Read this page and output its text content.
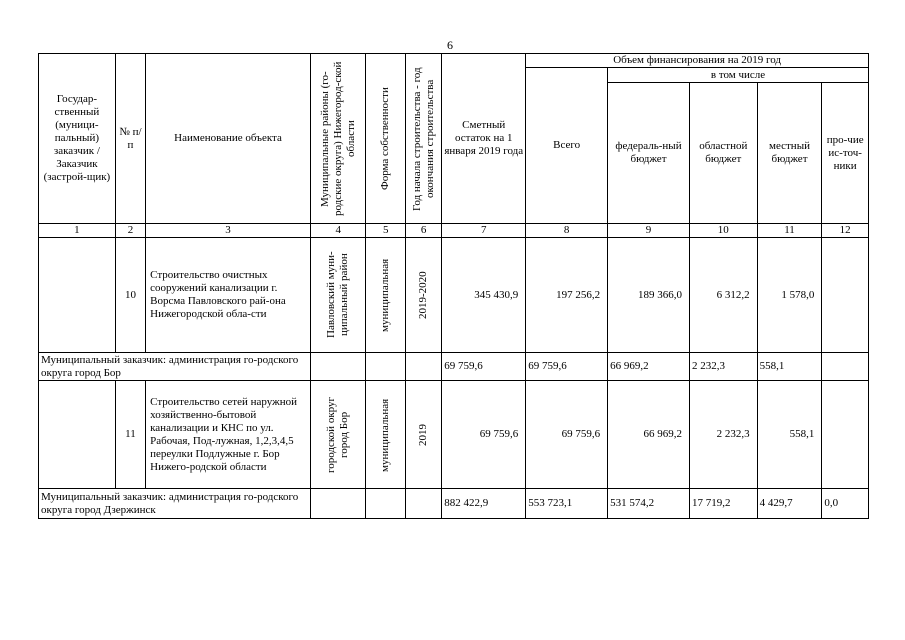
6
Государ-ственный (муници-пальный) заказчик / Заказчик (застрой-щик)	№ п/п	Наименование объекта	Муниципальные районы (го-родские округа) Нижегород-ской области	Форма собственности	Год начала строительства - год окончания строительства	Сметный остаток на 1 января 2019 года	Объем финансирования на 2019 год				
							Всего	в том числе			
								федераль-ный бюджет	областной бюджет	местный бюджет	про-чие ис-точ-ники
1	2	3	4	5	6	7	8	9	10	11	12
	10	Строительство очистных сооружений канализации г. Ворсма Павловского рай-она Нижегородской обла-сти	Павловский муни-ципальный район	муниципальная	2019-2020	345 430,9	197 256,2	189 366,0	6 312,2	1 578,0	
Муниципальный заказчик: администрация го-родского округа город Бор						69 759,6	69 759,6	66 969,2	2 232,3	558,1	
	11	Строительство сетей наружной хозяйственно-бытовой канализации и КНС по ул. Рабочая, Под-лужная, 1,2,3,4,5 переулки Подлужные г. Бор Нижего-родской области	городской округ город Бор	муниципальная	2019	69 759,6	69 759,6	66 969,2	2 232,3	558,1	
Муниципальный заказчик: администрация го-родского округа город Дзержинск						882 422,9	553 723,1	531 574,2	17 719,2	4 429,7	0,0
